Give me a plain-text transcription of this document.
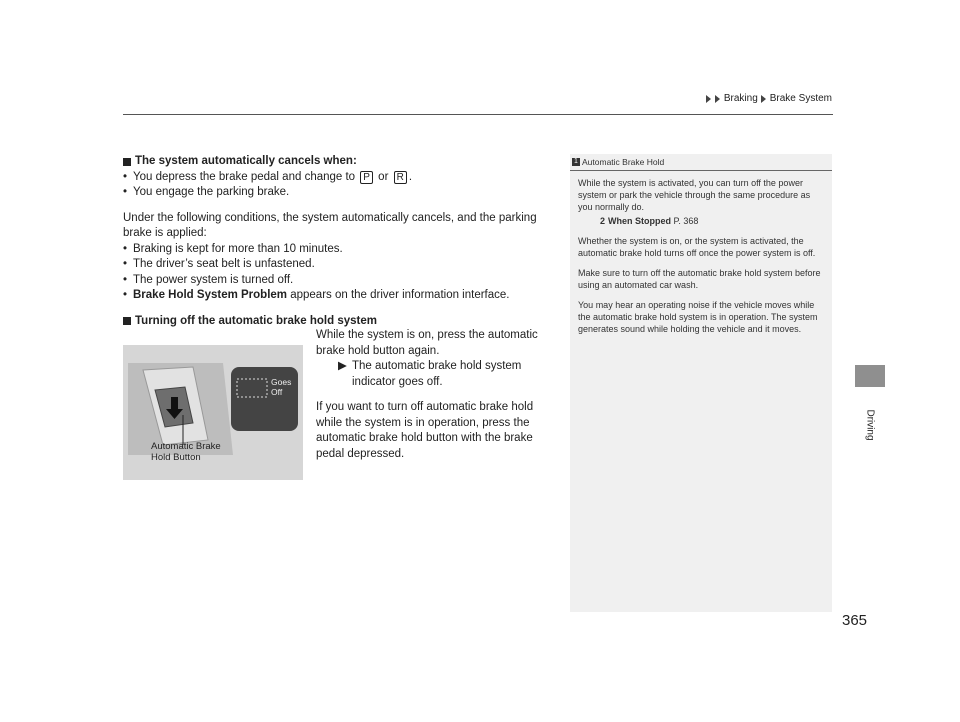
Braking Brake System
Driving
365
The system automatically cancels when:
• You depress the brake pedal and change to P or R .
• You engage the parking brake.
Under the following conditions, the system automatically cancels, and the parking brake is applied:
• Braking is kept for more than 10 minutes.
• The driver’s seat belt is unfastened.
• The power system is turned off.
• Brake Hold System Problem appears on the driver information interface.
Turning off the automatic brake hold system
Goes
Off
Automatic Brake
Hold Button
While the system is on, press the automatic brake hold button again.
▶ The automatic brake hold system indicator goes off.
If you want to turn off automatic brake hold while the system is in operation, press the automatic brake hold button with the brake pedal depressed.
1 Automatic Brake Hold

While the system is activated, you can turn off the power system or park the vehicle through the same procedure as you normally do.

2 When Stopped P. 368

Whether the system is on, or the system is activated, the automatic brake hold turns off once the power system is off.

Make sure to turn off the automatic brake hold system before using an automated car wash.

You may hear an operating noise if the vehicle moves while the automatic brake hold system is in operation. The system generates sound while holding the vehicle and it moves.
